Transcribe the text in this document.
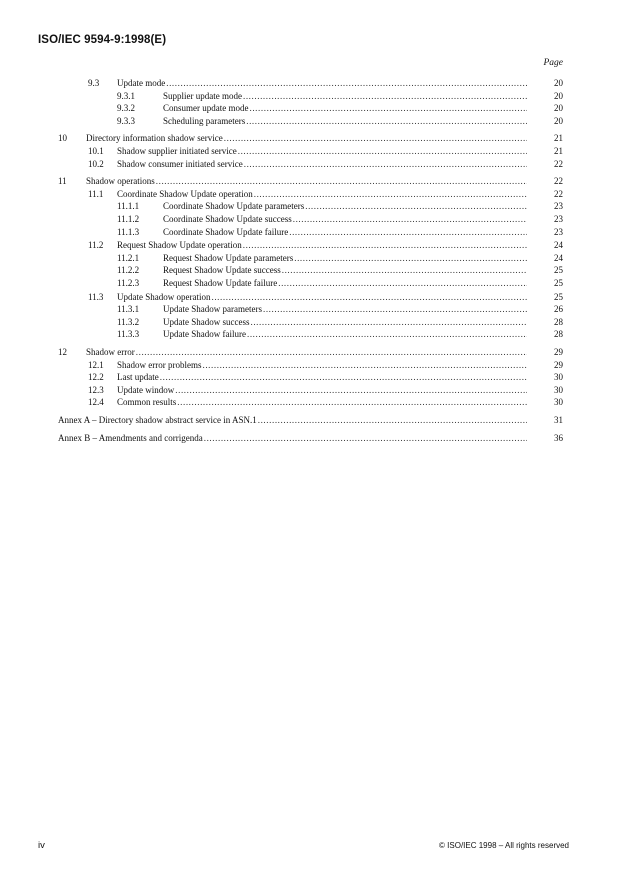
ISO/IEC 9594-9:1998(E)
Page
9.3 Update mode .....	20
9.3.1	Supplier update mode .....	20
9.3.2	Consumer update mode .....	20
9.3.3	Scheduling parameters .....	20
10 Directory information shadow service .....	21
10.1 Shadow supplier initiated service .....	21
10.2 Shadow consumer initiated service .....	22
11 Shadow operations .....	22
11.1 Coordinate Shadow Update operation .....	22
11.1.1	Coordinate Shadow Update parameters .....	23
11.1.2	Coordinate Shadow Update success .....	23
11.1.3	Coordinate Shadow Update failure .....	23
11.2 Request Shadow Update operation .....	24
11.2.1	Request Shadow Update parameters .....	24
11.2.2	Request Shadow Update success .....	25
11.2.3	Request Shadow Update failure .....	25
11.3 Update Shadow operation .....	25
11.3.1	Update Shadow parameters .....	26
11.3.2	Update Shadow success .....	28
11.3.3	Update Shadow failure .....	28
12 Shadow error .....	29
12.1 Shadow error problems .....	29
12.2 Last update .....	30
12.3 Update window .....	30
12.4 Common results .....	30
Annex A – Directory shadow abstract service in ASN.1 .....	31
Annex B – Amendments and corrigenda .....	36
iv	© ISO/IEC 1998 – All rights reserved
